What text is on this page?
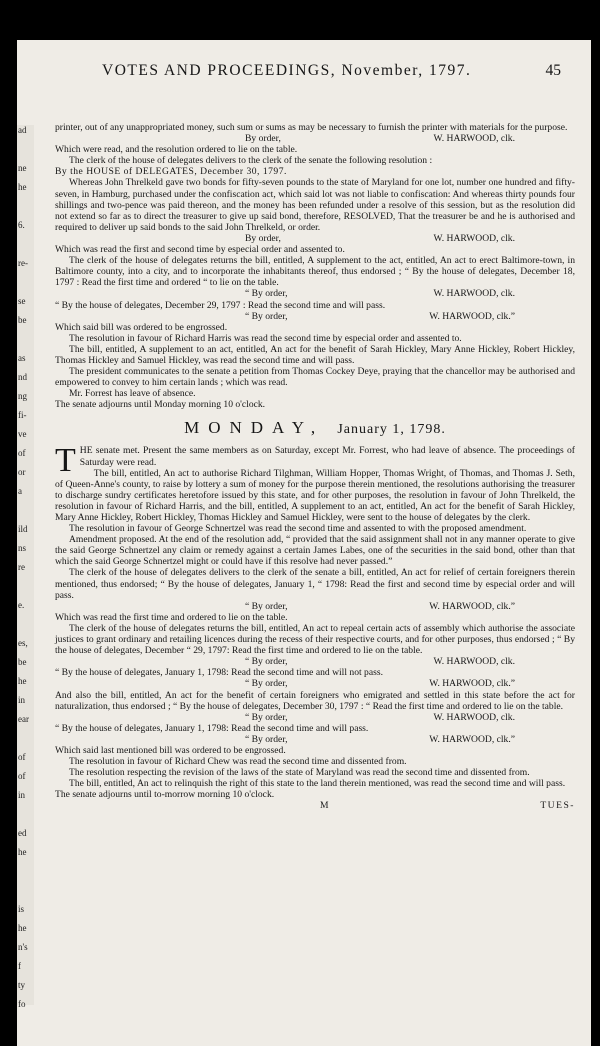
ad
ne
he
6.
re-
se
be
as
nd
ng
fi-
ve
of
or
a
ild
ns
re
e.
es,
be
he
in
ear
of
of
in
ed
he
is
he
n's
f
ty
fo
VOTES AND PROCEEDINGS, November, 1797.	45

printer, out of any unappropriated money, such sum or sums as may be necessary to furnish the printer with materials for the purpose.

By order,	W. HARWOOD, clk.

Which were read, and the resolution ordered to lie on the table.

The clerk of the house of delegates delivers to the clerk of the senate the following resolution :

By the HOUSE of DELEGATES, December 30, 1797.

Whereas John Threlkeld gave two bonds for fifty-seven pounds to the state of Maryland for one lot, number one hundred and fifty-seven, in Hamburg, purchased under the confiscation act, which said lot was not liable to confiscation: And whereas thirty pounds four shillings and two-pence was paid thereon, and the money has been refunded under a resolve of this session, but as the resolution did not extend so far as to direct the treasurer to give up said bond, therefore, RESOLVED, That the treasurer be and he is authorised and required to deliver up said bonds to the said John Threlkeld, or order.

By order,	W. HARWOOD, clk.

Which was read the first and second time by especial order and assented to.

The clerk of the house of delegates returns the bill, entitled, A supplement to the act, entitled, An act to erect Baltimore-town, in Baltimore county, into a city, and to incorporate the inhabitants thereof, thus endorsed ; “ By the house of delegates, December 18, 1797 : Read the first time and ordered “ to lie on the table.

“ By order,	W. HARWOOD, clk.

“ By the house of delegates, December 29, 1797 : Read the second time and will pass.

“ By order,	W. HARWOOD, clk.”

Which said bill was ordered to be engrossed.

The resolution in favour of Richard Harris was read the second time by especial order and assented to.

The bill, entitled, A supplement to an act, entitled, An act for the benefit of Sarah Hickley, Mary Anne Hickley, Robert Hickley, Thomas Hickley and Samuel Hickley, was read the second time and will pass.

The president communicates to the senate a petition from Thomas Cockey Deye, praying that the chancellor may be authorised and empowered to convey to him certain lands ; which was read.

Mr. Forrest has leave of absence.

The senate adjourns until Monday morning 10 o'clock.

MONDAY, January 1, 1798.

THE senate met. Present the same members as on Saturday, except Mr. Forrest, who had leave of absence. The proceedings of Saturday were read.

The bill, entitled, An act to authorise Richard Tilghman, William Hopper, Thomas Wright, of Thomas, and Thomas J. Seth, of Queen-Anne's county, to raise by lottery a sum of money for the purpose therein mentioned, the resolutions authorising the treasurer to discharge sundry certificates heretofore issued by this state, and for other purposes, the resolution in favour of John Threlkeld, the resolution in favour of Richard Harris, and the bill, entitled, A supplement to an act, entitled, An act for the benefit of Sarah Hickley, Mary Anne Hickley, Robert Hickley, Thomas Hickley and Samuel Hickley, were sent to the house of delegates by the clerk.

The resolution in favour of George Schnertzel was read the second time and assented to with the proposed amendment.

Amendment proposed. At the end of the resolution add, “ provided that the said assignment shall not in any manner operate to give the said George Schnertzel any claim or remedy against a certain James Labes, one of the securities in the said bond, other than that which the said George Schnertzel might or could have if this resolve had never passed.”

The clerk of the house of delegates delivers to the clerk of the senate a bill, entitled, An act for relief of certain foreigners therein mentioned, thus endorsed; “ By the house of delegates, January 1, “ 1798: Read the first and second time by especial order and will pass.

“ By order,	W. HARWOOD, clk.”

Which was read the first time and ordered to lie on the table.

The clerk of the house of delegates returns the bill, entitled, An act to repeal certain acts of assembly which authorise the associate justices to grant ordinary and retailing licences during the recess of their respective courts, and for other purposes, thus endorsed ; “ By the house of delegates, December “ 29, 1797: Read the first time and ordered to lie on the table.

“ By order,	W. HARWOOD, clk.

“ By the house of delegates, January 1, 1798: Read the second time and will not pass.

“ By order,	W. HARWOOD, clk.”

And also the bill, entitled, An act for the benefit of certain foreigners who emigrated and settled in this state before the act for naturalization, thus endorsed ; “ By the house of delegates, December 30, 1797 : “ Read the first time and ordered to lie on the table.

“ By order,	W. HARWOOD, clk.

“ By the house of delegates, January 1, 1798: Read the second time and will pass.

“ By order,	W. HARWOOD, clk.”

Which said last mentioned bill was ordered to be engrossed.

The resolution in favour of Richard Chew was read the second time and dissented from.

The resolution respecting the revision of the laws of the state of Maryland was read the second time and dissented from.

The bill, entitled, An act to relinquish the right of this state to the land therein mentioned, was read the second time and will pass.

The senate adjourns until to-morrow morning 10 o'clock.

M	TUES-
